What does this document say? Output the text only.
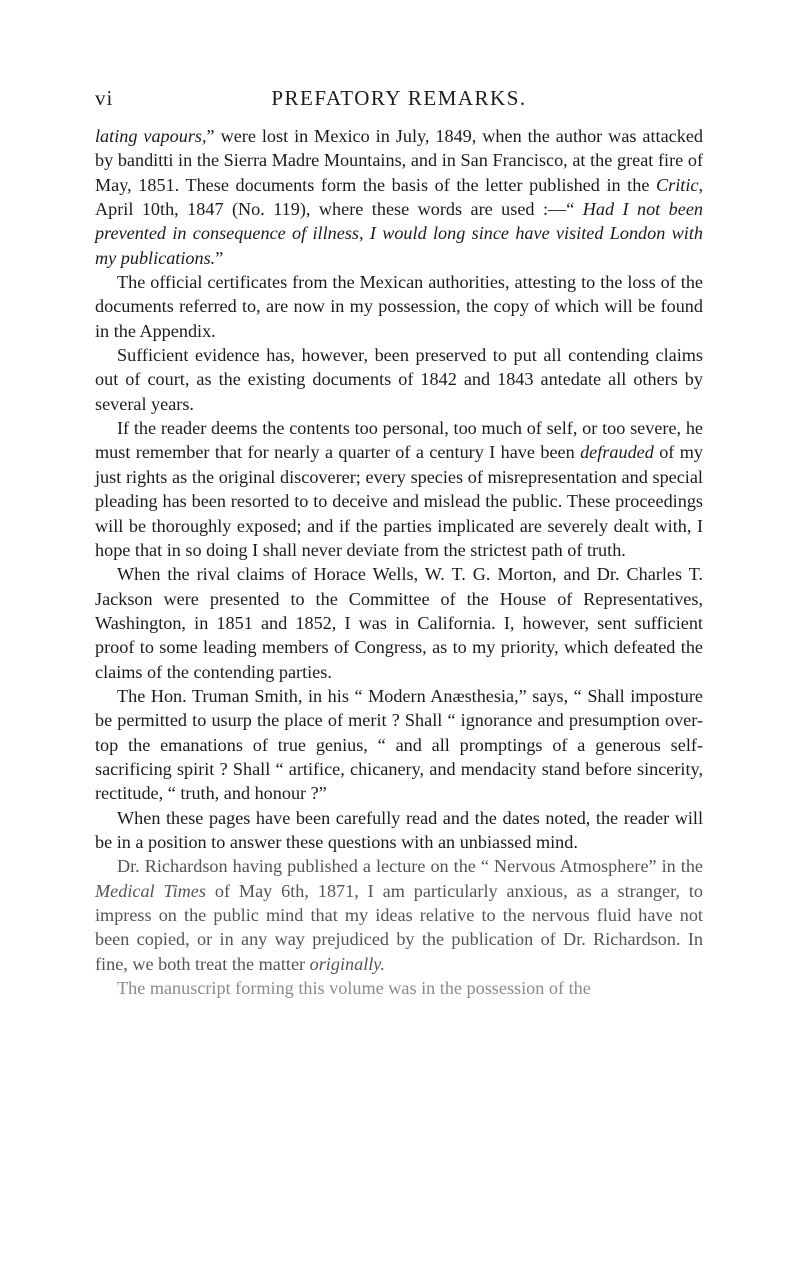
vi	PREFATORY REMARKS.

lating vapours,” were lost in Mexico in July, 1849, when the author was attacked by banditti in the Sierra Madre Mountains, and in San Francisco, at the great fire of May, 1851. These documents form the basis of the letter published in the Critic, April 10th, 1847 (No. 119), where these words are used :—“ Had I not been prevented in consequence of illness, I would long since have visited London with my publications.”

The official certificates from the Mexican authorities, attesting to the loss of the documents referred to, are now in my possession, the copy of which will be found in the Appendix.

Sufficient evidence has, however, been preserved to put all contending claims out of court, as the existing documents of 1842 and 1843 antedate all others by several years.

If the reader deems the contents too personal, too much of self, or too severe, he must remember that for nearly a quarter of a century I have been defrauded of my just rights as the original discoverer; every species of misrepresentation and special pleading has been resorted to to deceive and mislead the public. These proceedings will be thoroughly exposed; and if the parties implicated are severely dealt with, I hope that in so doing I shall never deviate from the strictest path of truth.

When the rival claims of Horace Wells, W. T. G. Morton, and Dr. Charles T. Jackson were presented to the Committee of the House of Representatives, Washington, in 1851 and 1852, I was in California. I, however, sent sufficient proof to some leading members of Congress, as to my priority, which defeated the claims of the contending parties.

The Hon. Truman Smith, in his “ Modern Anæsthesia,” says, “ Shall imposture be permitted to usurp the place of merit ? Shall “ ignorance and presumption over-top the emanations of true genius, “ and all promptings of a generous self-sacrificing spirit ? Shall “ artifice, chicanery, and mendacity stand before sincerity, rectitude, “ truth, and honour ?”

When these pages have been carefully read and the dates noted, the reader will be in a position to answer these questions with an unbiassed mind.

Dr. Richardson having published a lecture on the “ Nervous Atmosphere” in the Medical Times of May 6th, 1871, I am particularly anxious, as a stranger, to impress on the public mind that my ideas relative to the nervous fluid have not been copied, or in any way prejudiced by the publication of Dr. Richardson. In fine, we both treat the matter originally.

The manuscript forming this volume was in the possession of the
